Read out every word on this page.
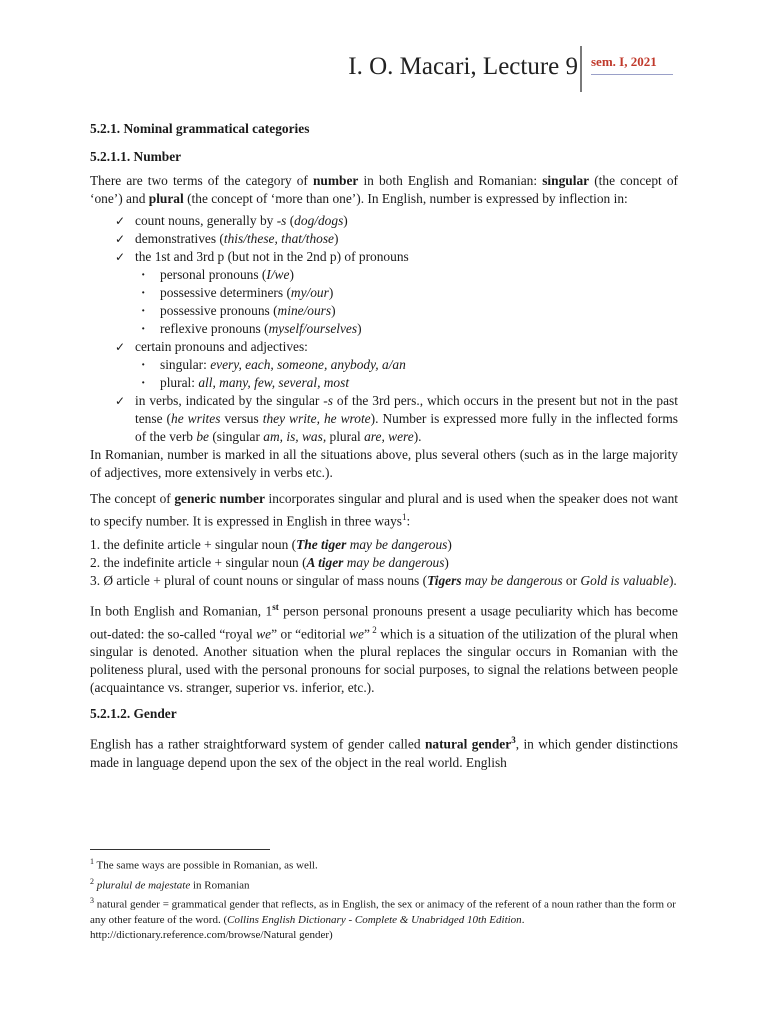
I. O. Macari, Lecture 9 sem. I, 2021

5.2.1. Nominal grammatical categories

5.2.1.1. Number

There are two terms of the category of number in both English and Romanian: singular (the concept of ‘one’) and plural (the concept of ‘more than one’). In English, number is expressed by inflection in:

✓ count nouns, generally by -s (dog/dogs)
✓ demonstratives (this/these, that/those)
✓ the 1st and 3rd p (but not in the 2nd p) of pronouns
· personal pronouns (I/we)
· possessive determiners (my/our)
· possessive pronouns (mine/ours)
· reflexive pronouns (myself/ourselves)
✓ certain pronouns and adjectives:
· singular: every, each, someone, anybody, a/an
· plural: all, many, few, several, most
✓ in verbs, indicated by the singular -s of the 3rd pers., which occurs in the present but not in the past tense (he writes versus they write, he wrote). Number is expressed more fully in the inflected forms of the verb be (singular am, is, was, plural are, were).

In Romanian, number is marked in all the situations above, plus several others (such as in the large majority of adjectives, more extensively in verbs etc.).

The concept of generic number incorporates singular and plural and is used when the speaker does not want to specify number. It is expressed in English in three ways$^1$:

1. the definite article + singular noun (The tiger may be dangerous)

2. the indefinite article + singular noun (A tiger may be dangerous)

3. Ø article + plural of count nouns or singular of mass nouns (Tigers may be dangerous or Gold is valuable).

In both English and Romanian, 1st person personal pronouns present a usage peculiarity which has become out-dated: the so-called “royal we” or “editorial we” $^2$ which is a situation of the utilization of the plural when singular is denoted. Another situation when the plural replaces the singular occurs in Romanian with the politeness plural, used with the personal pronouns for social purposes, to signal the relations between people (acquaintance vs. stranger, superior vs. inferior, etc.).

5.2.1.2. Gender

English has a rather straightforward system of gender called natural gender$^3$, in which gender distinctions made in language depend upon the sex of the object in the real world. English

$^1$ The same ways are possible in Romanian, as well.
$^2$ pluralul de majestate in Romanian
$^3$ natural gender = grammatical gender that reflects, as in English, the sex or animacy of the referent of a noun rather than the form or any other feature of the word. (Collins English Dictionary - Complete & Unabridged 10th Edition. http://dictionary.reference.com/browse/Natural gender)
